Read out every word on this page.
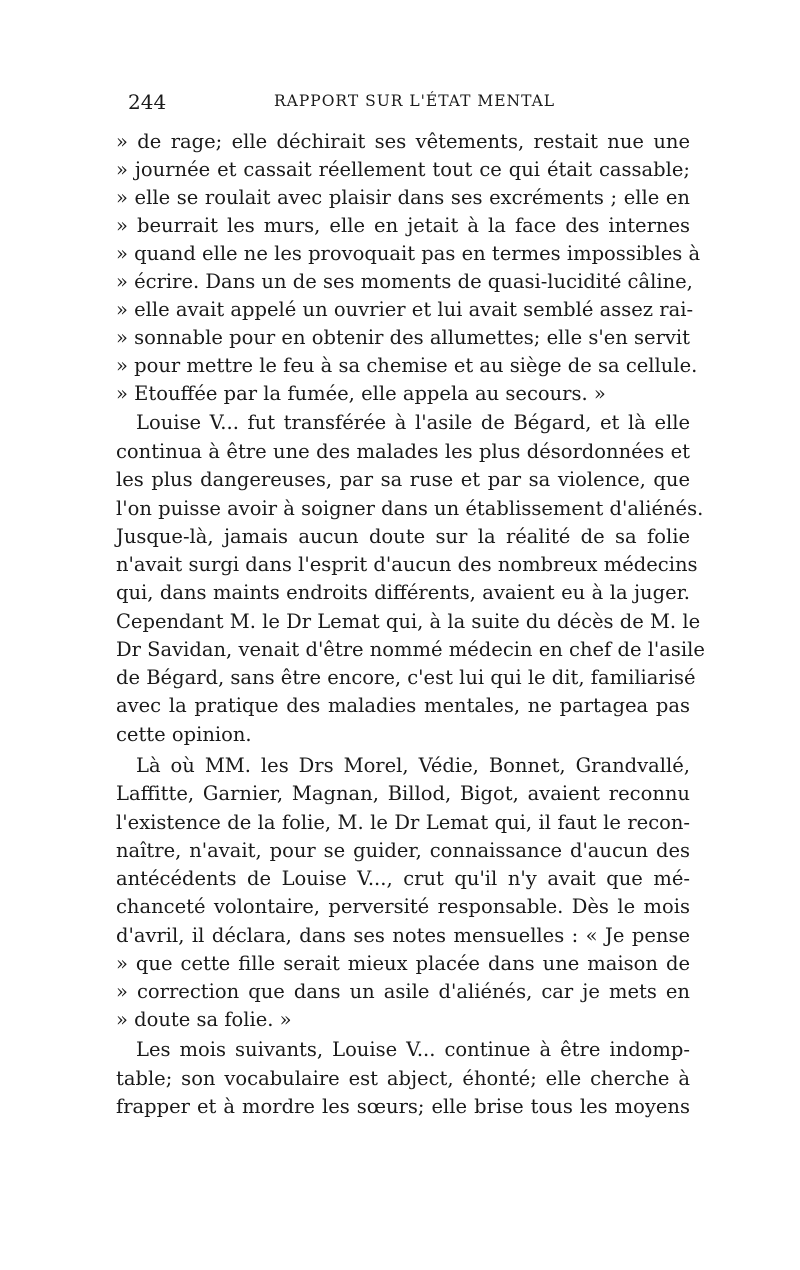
244	RAPPORT SUR L'ÉTAT MENTAL
» de rage; elle déchirait ses vêtements, restait nue une
» journée et cassait réellement tout ce qui était cassable;
» elle se roulait avec plaisir dans ses excréments ; elle en
» beurrait les murs, elle en jetait à la face des internes
» quand elle ne les provoquait pas en termes impossibles à
» écrire. Dans un de ses moments de quasi-lucidité câline,
» elle avait appelé un ouvrier et lui avait semblé assez rai-
» sonnable pour en obtenir des allumettes; elle s'en servit
» pour mettre le feu à sa chemise et au siège de sa cellule.
» Etouffée par la fumée, elle appela au secours. »
Louise V... fut transférée à l'asile de Bégard, et là elle
continua à être une des malades les plus désordonnées et
les plus dangereuses, par sa ruse et par sa violence, que
l'on puisse avoir à soigner dans un établissement d'aliénés.
Jusque-là, jamais aucun doute sur la réalité de sa folie
n'avait surgi dans l'esprit d'aucun des nombreux médecins
qui, dans maints endroits différents, avaient eu à la juger.
Cependant M. le Dr Lemat qui, à la suite du décès de M. le
Dr Savidan, venait d'être nommé médecin en chef de l'asile
de Bégard, sans être encore, c'est lui qui le dit, familiarisé
avec la pratique des maladies mentales, ne partagea pas
cette opinion.
Là où MM. les Drs Morel, Védie, Bonnet, Grandvallé,
Laffitte, Garnier, Magnan, Billod, Bigot, avaient reconnu
l'existence de la folie, M. le Dr Lemat qui, il faut le recon-
naître, n'avait, pour se guider, connaissance d'aucun des
antécédents de Louise V..., crut qu'il n'y avait que mé-
chanceté volontaire, perversité responsable. Dès le mois
d'avril, il déclara, dans ses notes mensuelles : « Je pense
» que cette fille serait mieux placée dans une maison de
» correction que dans un asile d'aliénés, car je mets en
» doute sa folie. »
Les mois suivants, Louise V... continue à être indomp-
table; son vocabulaire est abject, éhonté; elle cherche à
frapper et à mordre les sœurs; elle brise tous les moyens
